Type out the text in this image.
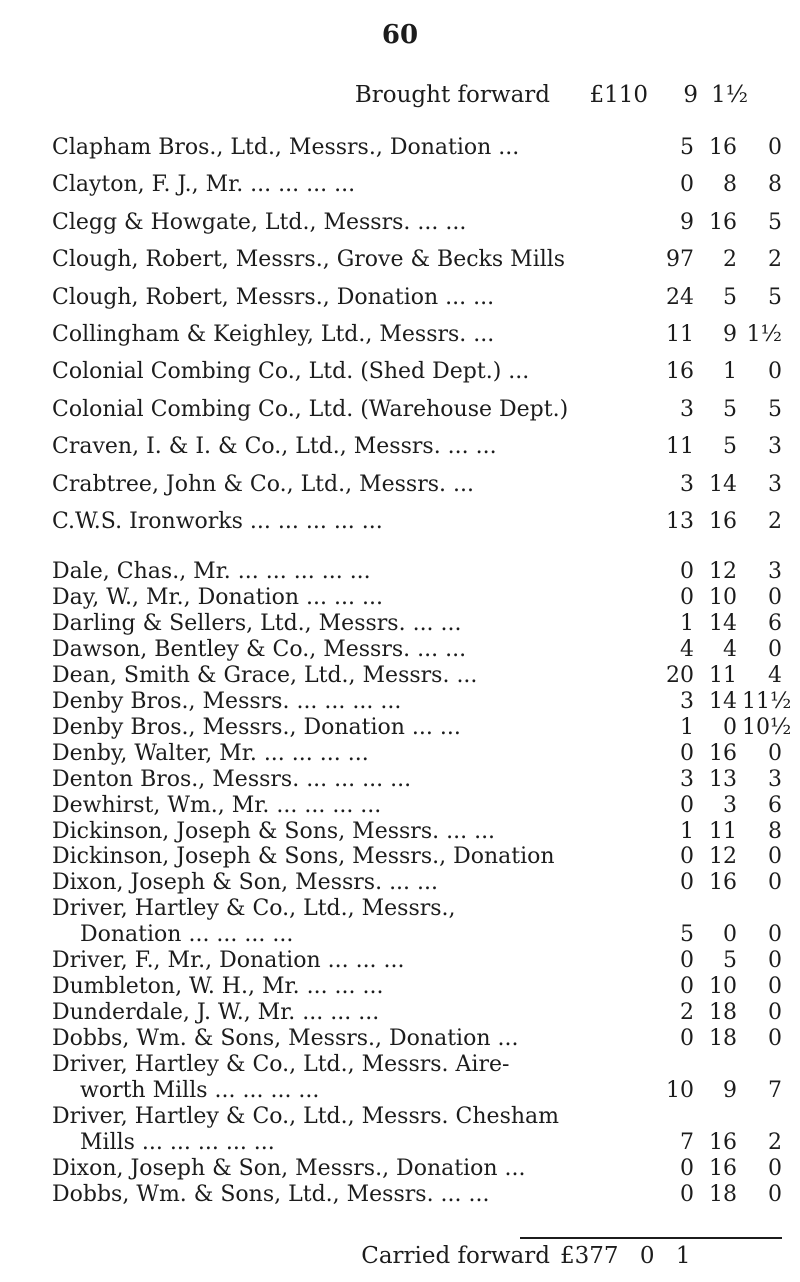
60
Brought forward	£110	9 1½
Clapham Bros., Ltd., Messrs., Donation ...	5 16	0
Clayton, F. J., Mr. ... ... ... ...	0	8	8
Clegg & Howgate, Ltd., Messrs. ... ...	9 16	5
Clough, Robert, Messrs., Grove & Becks Mills	97	2	2
Clough, Robert, Messrs., Donation ... ...	24	5	5
Collingham & Keighley, Ltd., Messrs. ...	11	9 1½
Colonial Combing Co., Ltd. (Shed Dept.) ...	16	1	0
Colonial Combing Co., Ltd. (Warehouse Dept.)	3	5	5
Craven, I. & I. & Co., Ltd., Messrs. ... ...	11	5	3
Crabtree, John & Co., Ltd., Messrs. ...	3 14	3
C.W.S. Ironworks ... ... ... ... ...	13 16	2
Dale, Chas., Mr. ... ... ... ... ...	0 12	3
Day, W., Mr., Donation ... ... ...	0 10	0
Darling & Sellers, Ltd., Messrs. ... ...	1 14	6
Dawson, Bentley & Co., Messrs. ... ...	4	4	0
Dean, Smith & Grace, Ltd., Messrs. ...	20 11	4
Denby Bros., Messrs. ... ... ... ...	3 14 11½
Denby Bros., Messrs., Donation ... ...	1	0 10½
Denby, Walter, Mr. ... ... ... ...	0 16	0
Denton Bros., Messrs. ... ... ... ...	3 13	3
Dewhirst, Wm., Mr. ... ... ... ...	0	3	6
Dickinson, Joseph & Sons, Messrs. ... ...	1 11	8
Dickinson, Joseph & Sons, Messrs., Donation	0 12	0
Dixon, Joseph & Son, Messrs. ... ...	0 16	0
Driver, Hartley & Co., Ltd., Messrs.,
Donation ... ... ... ...	5	0	0
Driver, F., Mr., Donation ... ... ...	0	5	0
Dumbleton, W. H., Mr. ... ... ...	0 10	0
Dunderdale, J. W., Mr. ... ... ...	2 18	0
Dobbs, Wm. & Sons, Messrs., Donation ...	0 18	0
Driver, Hartley & Co., Ltd., Messrs. Aire-
worth Mills ... ... ... ...	10	9	7
Driver, Hartley & Co., Ltd., Messrs. Chesham
Mills ... ... ... ... ...	7 16	2
Dixon, Joseph & Son, Messrs., Donation ...	0 16	0
Dobbs, Wm. & Sons, Ltd., Messrs. ... ...	0 18	0
Carried forward £377 0 1
